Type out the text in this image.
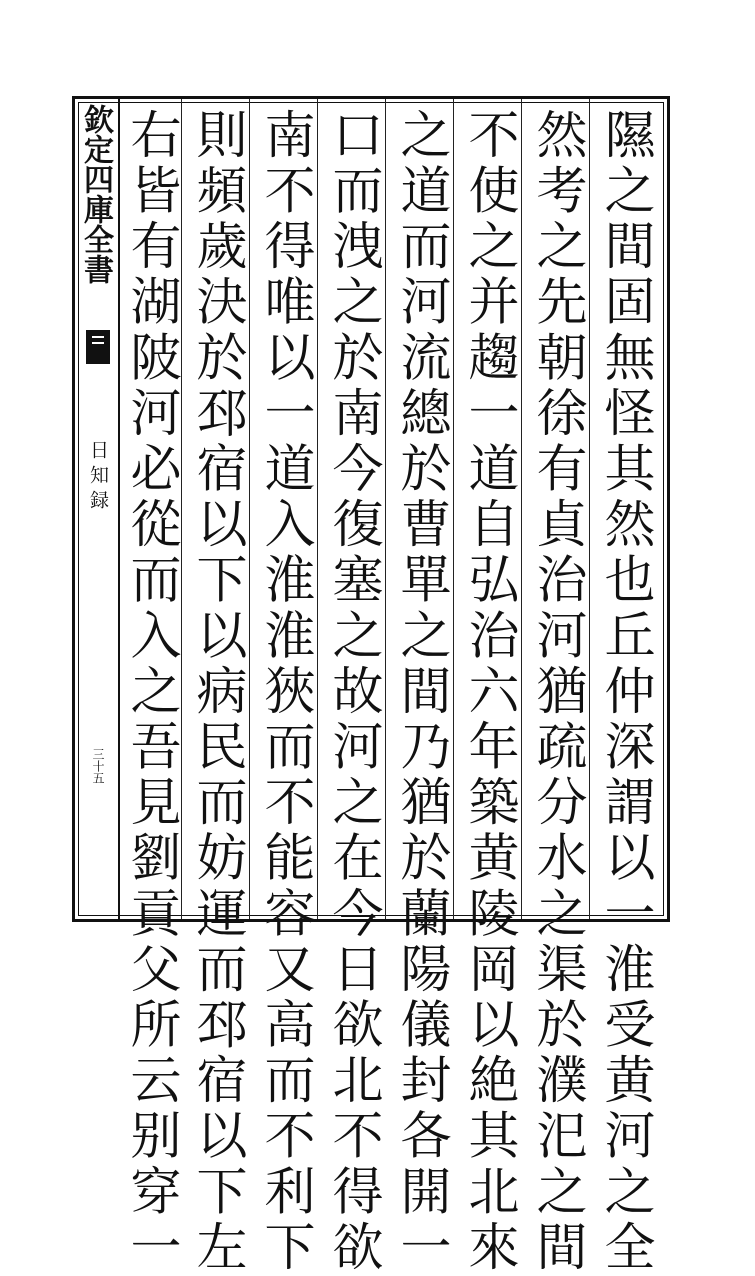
欽定四庫全書
日知録
三十五	隰之間固無怪其然也丘仲深謂以一淮受黄河之全
然考之先朝徐有貞治河猶疏分水之渠於濮汜之間
不使之并趨一道自弘治六年築黄陵岡以絶其北來
之道而河流總於曹單之間乃猶於蘭陽儀封各開一
口而洩之於南今復塞之故河之在今日欲北不得欲
南不得唯以一道入淮淮狹而不能容又高而不利下
則頻歲決於邳宿以下以病民而妨運而邳宿以下左
右皆有湖陂河必從而入之吾見劉貢父所云别穿一
